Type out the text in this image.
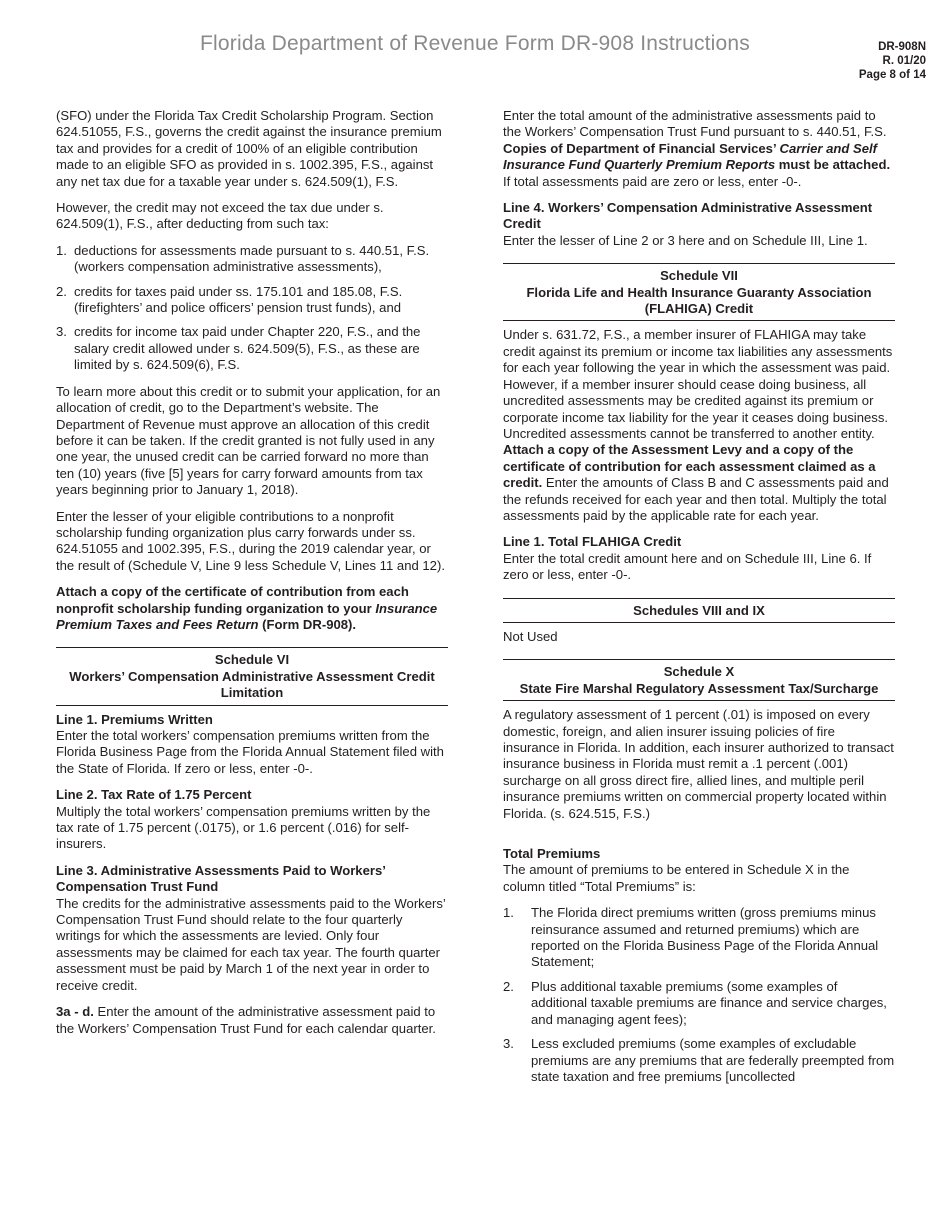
Florida Department of Revenue Form DR-908 Instructions	DR-908N
R. 01/20
Page 8 of 14

(SFO) under the Florida Tax Credit Scholarship Program. Section 624.51055, F.S., governs the credit against the insurance premium tax and provides for a credit of 100% of an eligible contribution made to an eligible SFO as provided in s. 1002.395, F.S., against any net tax due for a taxable year under s. 624.509(1), F.S.

However, the credit may not exceed the tax due under s. 624.509(1), F.S., after deducting from such tax:

1. deductions for assessments made pursuant to s. 440.51, F.S. (workers compensation administrative assessments),
2. credits for taxes paid under ss. 175.101 and 185.08, F.S. (firefighters’ and police officers’ pension trust funds), and
3. credits for income tax paid under Chapter 220, F.S., and the salary credit allowed under s. 624.509(5), F.S., as these are limited by s. 624.509(6), F.S.

To learn more about this credit or to submit your application, for an allocation of credit, go to the Department’s website. The Department of Revenue must approve an allocation of this credit before it can be taken. If the credit granted is not fully used in any one year, the unused credit can be carried forward no more than ten (10) years (five [5] years for carry forward amounts from tax years beginning prior to January 1, 2018).

Enter the lesser of your eligible contributions to a nonprofit scholarship funding organization plus carry forwards under ss. 624.51055 and 1002.395, F.S., during the 2019 calendar year, or the result of (Schedule V, Line 9 less Schedule V, Lines 11 and 12).

Attach a copy of the certificate of contribution from each nonprofit scholarship funding organization to your Insurance Premium Taxes and Fees Return (Form DR-908).

Schedule VI
Workers’ Compensation Administrative Assessment Credit Limitation
Line 1. Premiums Written

Enter the total workers’ compensation premiums written from the Florida Business Page from the Florida Annual Statement filed with the State of Florida. If zero or less, enter -0-.

Line 2. Tax Rate of 1.75 Percent

Multiply the total workers’ compensation premiums written by the tax rate of 1.75 percent (.0175), or 1.6 percent (.016) for self-insurers.

Line 3. Administrative Assessments Paid to Workers’ Compensation Trust Fund

The credits for the administrative assessments paid to the Workers’ Compensation Trust Fund should relate to the four quarterly writings for which the assessments are levied. Only four assessments may be claimed for each tax year. The fourth quarter assessment must be paid by March 1 of the next year in order to receive credit.

3a - d. Enter the amount of the administrative assessment paid to the Workers’ Compensation Trust Fund for each calendar quarter.

Enter the total amount of the administrative assessments paid to the Workers’ Compensation Trust Fund pursuant to s. 440.51, F.S. Copies of Department of Financial Services’ Carrier and Self Insurance Fund Quarterly Premium Reports must be attached. If total assessments paid are zero or less, enter -0-.

Line 4. Workers’ Compensation Administrative Assessment Credit

Enter the lesser of Line 2 or 3 here and on Schedule III, Line 1.

Schedule VII
Florida Life and Health Insurance Guaranty Association (FLAHIGA) Credit

Under s. 631.72, F.S., a member insurer of FLAHIGA may take credit against its premium or income tax liabilities any assessments for each year following the year in which the assessment was paid. However, if a member insurer should cease doing business, all uncredited assessments may be credited against its premium or corporate income tax liability for the year it ceases doing business. Uncredited assessments cannot be transferred to another entity. Attach a copy of the Assessment Levy and a copy of the certificate of contribution for each assessment claimed as a credit. Enter the amounts of Class B and C assessments paid and the refunds received for each year and then total. Multiply the total assessments paid by the applicable rate for each year.

Line 1. Total FLAHIGA Credit

Enter the total credit amount here and on Schedule III, Line 6. If zero or less, enter -0-.

Schedules VIII and IX

Not Used

Schedule X
State Fire Marshal Regulatory Assessment Tax/Surcharge

A regulatory assessment of 1 percent (.01) is imposed on every domestic, foreign, and alien insurer issuing policies of fire insurance in Florida. In addition, each insurer authorized to transact insurance business in Florida must remit a .1 percent (.001) surcharge on all gross direct fire, allied lines, and multiple peril insurance premiums written on commercial property located within Florida. (s. 624.515, F.S.)

Total Premiums

The amount of premiums to be entered in Schedule X in the column titled “Total Premiums” is:

1.	The Florida direct premiums written (gross premiums minus reinsurance assumed and returned premiums) which are reported on the Florida Business Page of the Florida Annual Statement;
2.	Plus additional taxable premiums (some examples of additional taxable premiums are finance and service charges, and managing agent fees);
3.	Less excluded premiums (some examples of excludable premiums are any premiums that are federally preempted from state taxation and free premiums [uncollected
